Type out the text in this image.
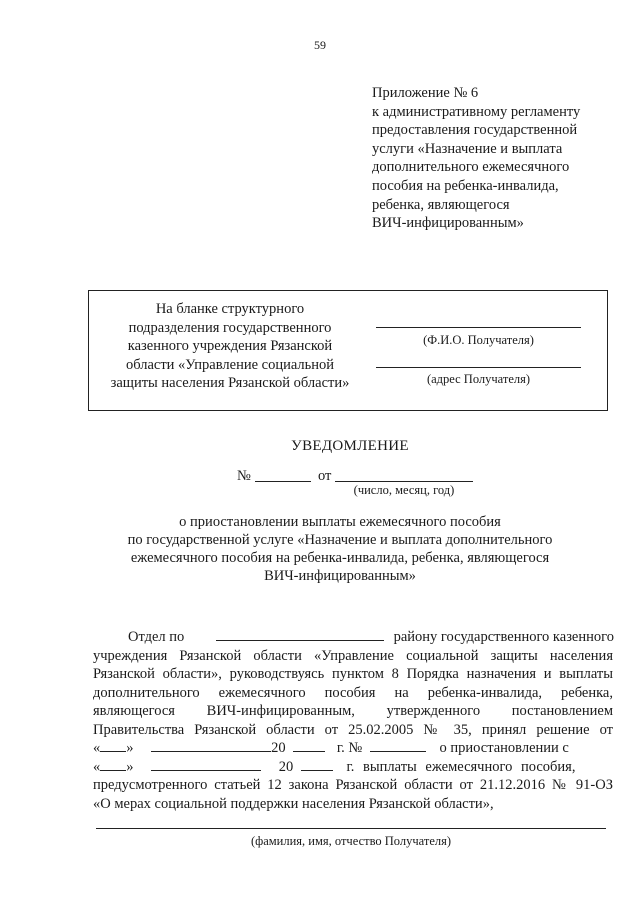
59
Приложение № 6
к административному регламенту
предоставления государственной
услуги «Назначение и выплата
дополнительного ежемесячного
пособия на ребенка-инвалида,
ребенка, являющегося
ВИЧ-инфицированным»
На бланке структурного
подразделения государственного
казенного учреждения Рязанской
области «Управление социальной
защиты населения Рязанской области»
(Ф.И.О. Получателя)
(адрес Получателя)
УВЕДОМЛЕНИЕ
№	от
(число, месяц, год)
о приостановлении выплаты ежемесячного пособия
по государственной услуге «Назначение и выплата дополнительного
ежемесячного пособия на ребенка-инвалида, ребенка, являющегося
ВИЧ-инфицированным»
Отдел по	району государственного казенного
учреждения Рязанской области «Управление социальной защиты населения
Рязанской области», руководствуясь пунктом 8 Порядка назначения и выплаты
дополнительного ежемесячного пособия на ребенка-инвалида, ребенка,
являющегося ВИЧ-инфицированным, утвержденного постановлением
Правительства Рязанской области от 25.02.2005 № 35, принял решение от
« »	20	г. №	о приостановлении с
« »	20	г. выплаты ежемесячного пособия,
предусмотренного статьей 12 закона Рязанской области от 21.12.2016 № 91-ОЗ
«О мерах социальной поддержки населения Рязанской области»,
(фамилия, имя, отчество Получателя)
